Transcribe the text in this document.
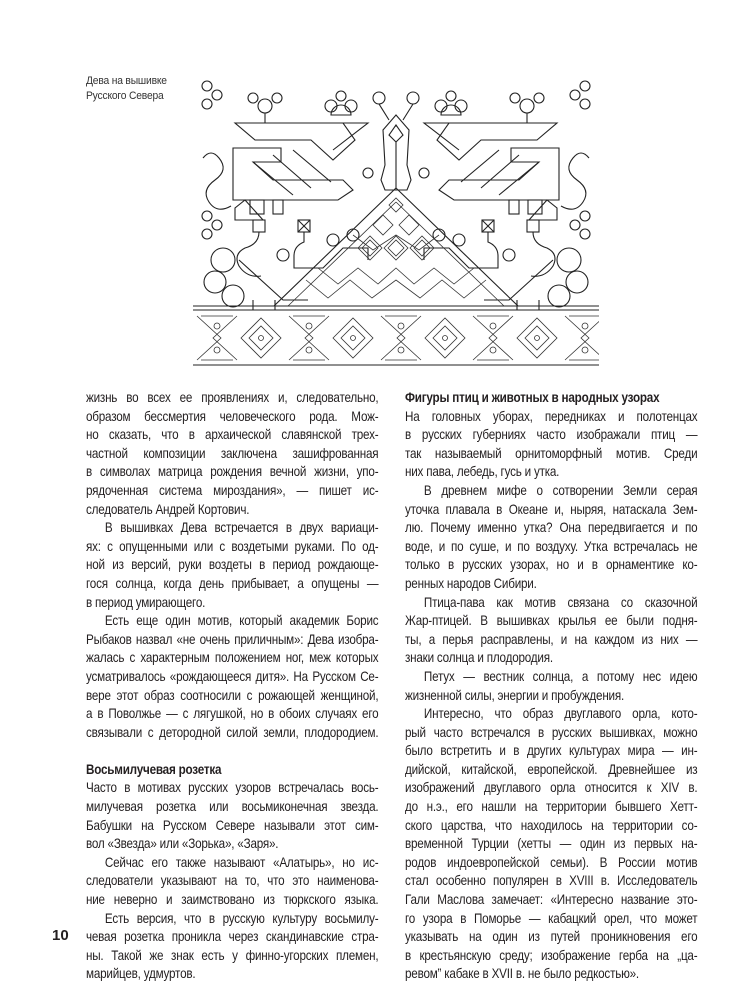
Дева на вышивке
Русского Севера
жизнь во всех ее проявлениях и, следовательно,
образом бессмертия человеческого рода. Мож-
но сказать, что в архаической славянской трех-
частной композиции заключена зашифрованная
в символах матрица рождения вечной жизни, упо-
рядоченная система мироздания», — пишет ис-
следователь Андрей Кортович.
В вышивках Дева встречается в двух вариаци-
ях: с опущенными или с воздетыми руками. По од-
ной из версий, руки воздеты в период рождающе-
гося солнца, когда день прибывает, а опущены —
в период умирающего.
Есть еще один мотив, который академик Борис
Рыбаков назвал «не очень приличным»: Дева изобра-
жалась с характерным положением ног, меж которых
усматривалось «рождающееся дитя». На Русском Се-
вере этот образ соотносили с рожающей женщиной,
а в Поволжье — с лягушкой, но в обоих случаях его
связывали с детородной силой земли, плодородием.
Восьмилучевая розетка
Часто в мотивах русских узоров встречалась вось-
милучевая розетка или восьмиконечная звезда.
Бабушки на Русском Севере называли этот сим-
вол «Звезда» или «Зорька», «Заря».
Сейчас его также называют «Алатырь», но ис-
следователи указывают на то, что это наименова-
ние неверно и заимствовано из тюркского языка.
Есть версия, что в русскую культуру восьмилу-
чевая розетка проникла через скандинавские стра-
ны. Такой же знак есть у финно-угорских племен,
марийцев, удмуртов.
Фигуры птиц и животных в народных узорах
На головных уборах, передниках и полотенцах
в русских губерниях часто изображали птиц —
так называемый орнитоморфный мотив. Среди
них пава, лебедь, гусь и утка.
В древнем мифе о сотворении Земли серая
уточка плавала в Океане и, ныряя, натаскала Зем-
лю. Почему именно утка? Она передвигается и по
воде, и по суше, и по воздуху. Утка встречалась не
только в русских узорах, но и в орнаментике ко-
ренных народов Сибири.
Птица-пава как мотив связана со сказочной
Жар-птицей. В вышивках крылья ее были подня-
ты, а перья расправлены, и на каждом из них —
знаки солнца и плодородия.
Петух — вестник солнца, а потому нес идею
жизненной силы, энергии и пробуждения.
Интересно, что образ двуглавого орла, кото-
рый часто встречался в русских вышивках, можно
было встретить и в других культурах мира — ин-
дийской, китайской, европейской. Древнейшее из
изображений двуглавого орла относится к XIV в.
до н.э., его нашли на территории бывшего Хетт-
ского царства, что находилось на территории со-
временной Турции (хетты — один из первых на-
родов индоевропейской семьи). В России мотив
стал особенно популярен в XVIII в. Исследователь
Гали Маслова замечает: «Интересно название это-
го узора в Поморье — кабацкий орел, что может
указывать на один из путей проникновения его
в крестьянскую среду; изображение герба на „ца-
ревом” кабаке в XVII в. не было редкостью».
10
